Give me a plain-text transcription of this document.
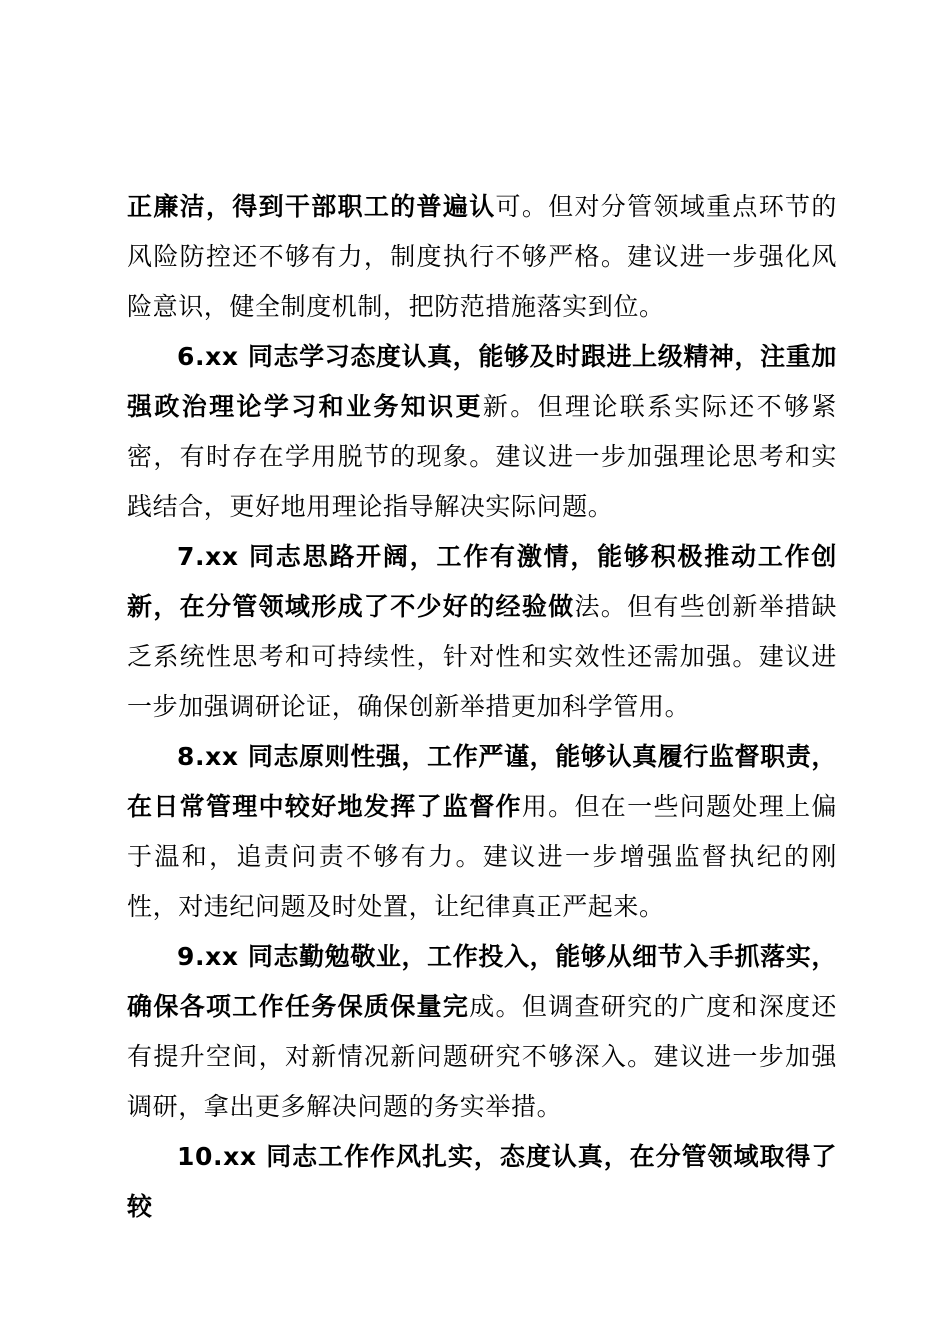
正廉洁，得到干部职工的普遍认可。但对分管领域重点环节的风险防控还不够有力，制度执行不够严格。建议进一步强化风险意识，健全制度机制，把防范措施落实到位。

6.xx 同志学习态度认真，能够及时跟进上级精神，注重加强政治理论学习和业务知识更新。但理论联系实际还不够紧密，有时存在学用脱节的现象。建议进一步加强理论思考和实践结合，更好地用理论指导解决实际问题。

7.xx 同志思路开阔，工作有激情，能够积极推动工作创新，在分管领域形成了不少好的经验做法。但有些创新举措缺乏系统性思考和可持续性，针对性和实效性还需加强。建议进一步加强调研论证，确保创新举措更加科学管用。

8.xx 同志原则性强，工作严谨，能够认真履行监督职责，在日常管理中较好地发挥了监督作用。但在一些问题处理上偏于温和，追责问责不够有力。建议进一步增强监督执纪的刚性，对违纪问题及时处置，让纪律真正严起来。

9.xx 同志勤勉敬业，工作投入，能够从细节入手抓落实，确保各项工作任务保质保量完成。但调查研究的广度和深度还有提升空间，对新情况新问题研究不够深入。建议进一步加强调研，拿出更多解决问题的务实举措。

10.xx 同志工作作风扎实，态度认真，在分管领域取得了较
